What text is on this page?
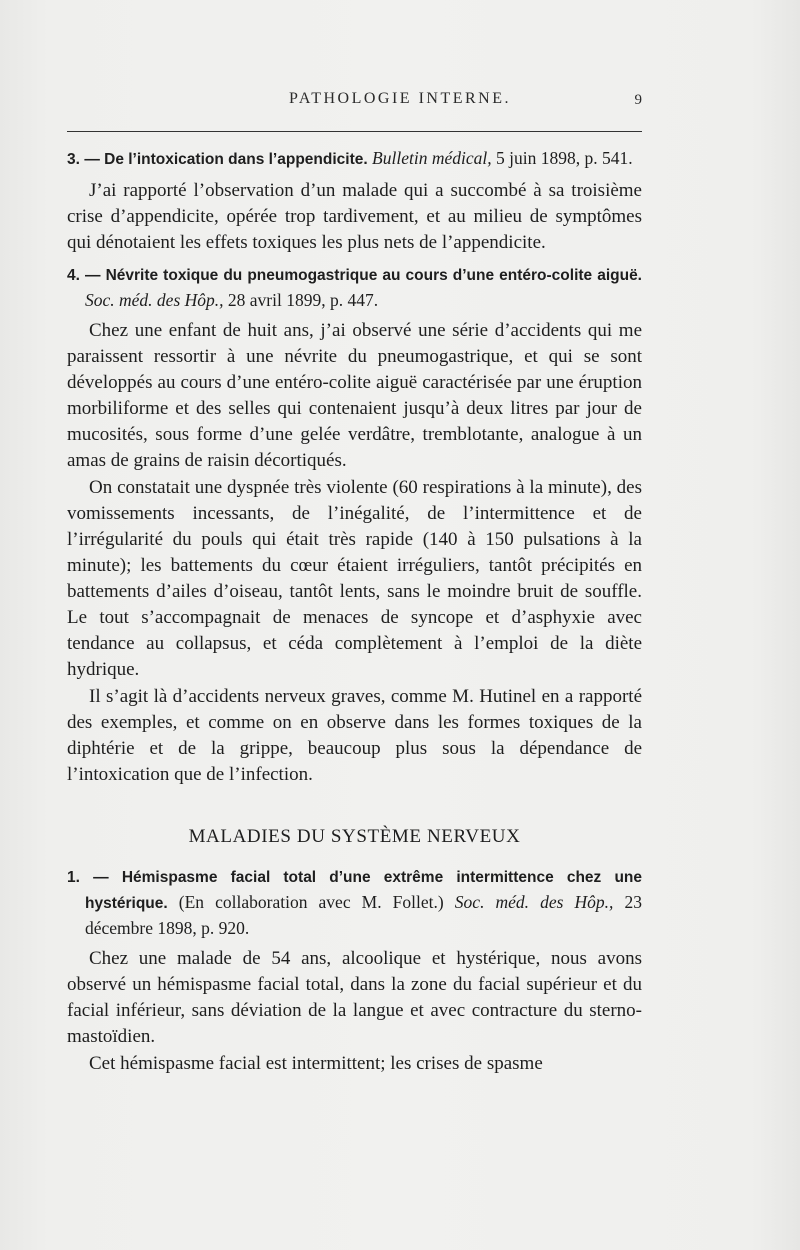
PATHOLOGIE INTERNE.	9

3. — De l’intoxication dans l’appendicite. Bulletin médical, 5 juin 1898, p. 541.

J’ai rapporté l’observation d’un malade qui a succombé à sa troisième crise d’appendicite, opérée trop tardivement, et au milieu de symptômes qui dénotaient les effets toxiques les plus nets de l’appendicite.

4. — Névrite toxique du pneumogastrique au cours d’une entéro-colite aiguë. Soc. méd. des Hôp., 28 avril 1899, p. 447.

Chez une enfant de huit ans, j’ai observé une série d’accidents qui me paraissent ressortir à une névrite du pneumogastrique, et qui se sont développés au cours d’une entéro-colite aiguë caractérisée par une éruption morbiliforme et des selles qui contenaient jusqu’à deux litres par jour de mucosités, sous forme d’une gelée verdâtre, tremblotante, analogue à un amas de grains de raisin décortiqués.

On constatait une dyspnée très violente (60 respirations à la minute), des vomissements incessants, de l’inégalité, de l’intermittence et de l’irrégularité du pouls qui était très rapide (140 à 150 pulsations à la minute); les battements du cœur étaient irréguliers, tantôt précipités en battements d’ailes d’oiseau, tantôt lents, sans le moindre bruit de souffle. Le tout s’accompagnait de menaces de syncope et d’asphyxie avec tendance au collapsus, et céda complètement à l’emploi de la diète hydrique.

Il s’agit là d’accidents nerveux graves, comme M. Hutinel en a rapporté des exemples, et comme on en observe dans les formes toxiques de la diphtérie et de la grippe, beaucoup plus sous la dépendance de l’intoxication que de l’infection.

MALADIES DU SYSTÈME NERVEUX

1. — Hémispasme facial total d’une extrême intermittence chez une hystérique. (En collaboration avec M. Follet.) Soc. méd. des Hôp., 23 décembre 1898, p. 920.

Chez une malade de 54 ans, alcoolique et hystérique, nous avons observé un hémispasme facial total, dans la zone du facial supérieur et du facial inférieur, sans déviation de la langue et avec contracture du sterno-mastoïdien.

Cet hémispasme facial est intermittent; les crises de spasme
